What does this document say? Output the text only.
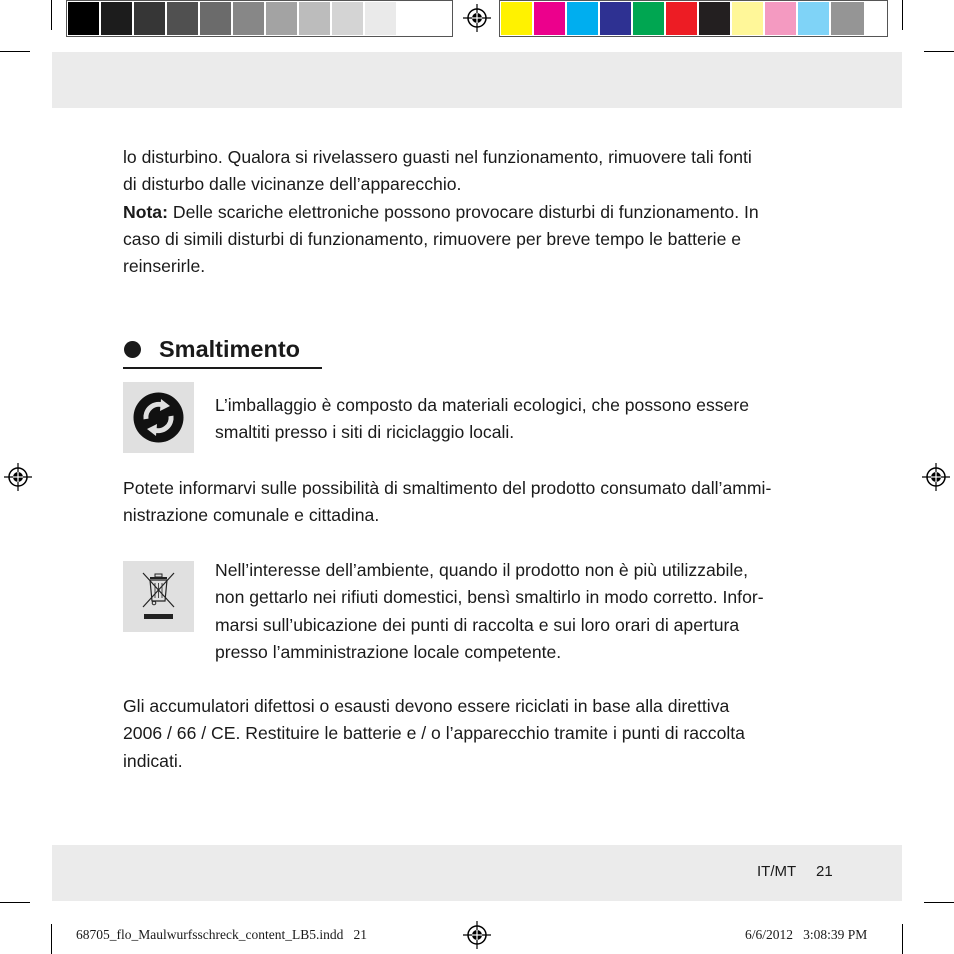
lo disturbino. Qualora si rivelassero guasti nel funzionamento, rimuovere tali fonti
di disturbo dalle vicinanze dell’apparecchio.
Nota: Delle scariche elettroniche possono provocare disturbi di funzionamento. In
caso di simili disturbi di funzionamento, rimuovere per breve tempo le batterie e
reinserirle.
Smaltimento
L’imballaggio è composto da materiali ecologici, che possono essere
smaltiti presso i siti di riciclaggio locali.
Potete informarvi sulle possibilità di smaltimento del prodotto consumato dall’ammi-
nistrazione comunale e cittadina.
Nell’interesse dell’ambiente, quando il prodotto non è più utilizzabile,
non gettarlo nei rifiuti domestici, bensì smaltirlo in modo corretto. Infor-
marsi sull’ubicazione dei punti di raccolta e sui loro orari di apertura
presso l’amministrazione locale competente.
Gli accumulatori difettosi o esausti devono essere riciclati in base alla direttiva
2006 / 66 / CE. Restituire le batterie e / o l’apparecchio tramite i punti di raccolta
indicati.
IT/MT 21
68705_flo_Maulwurfsschreck_content_LB5.indd   21	6/6/2012   3:08:39 PM
